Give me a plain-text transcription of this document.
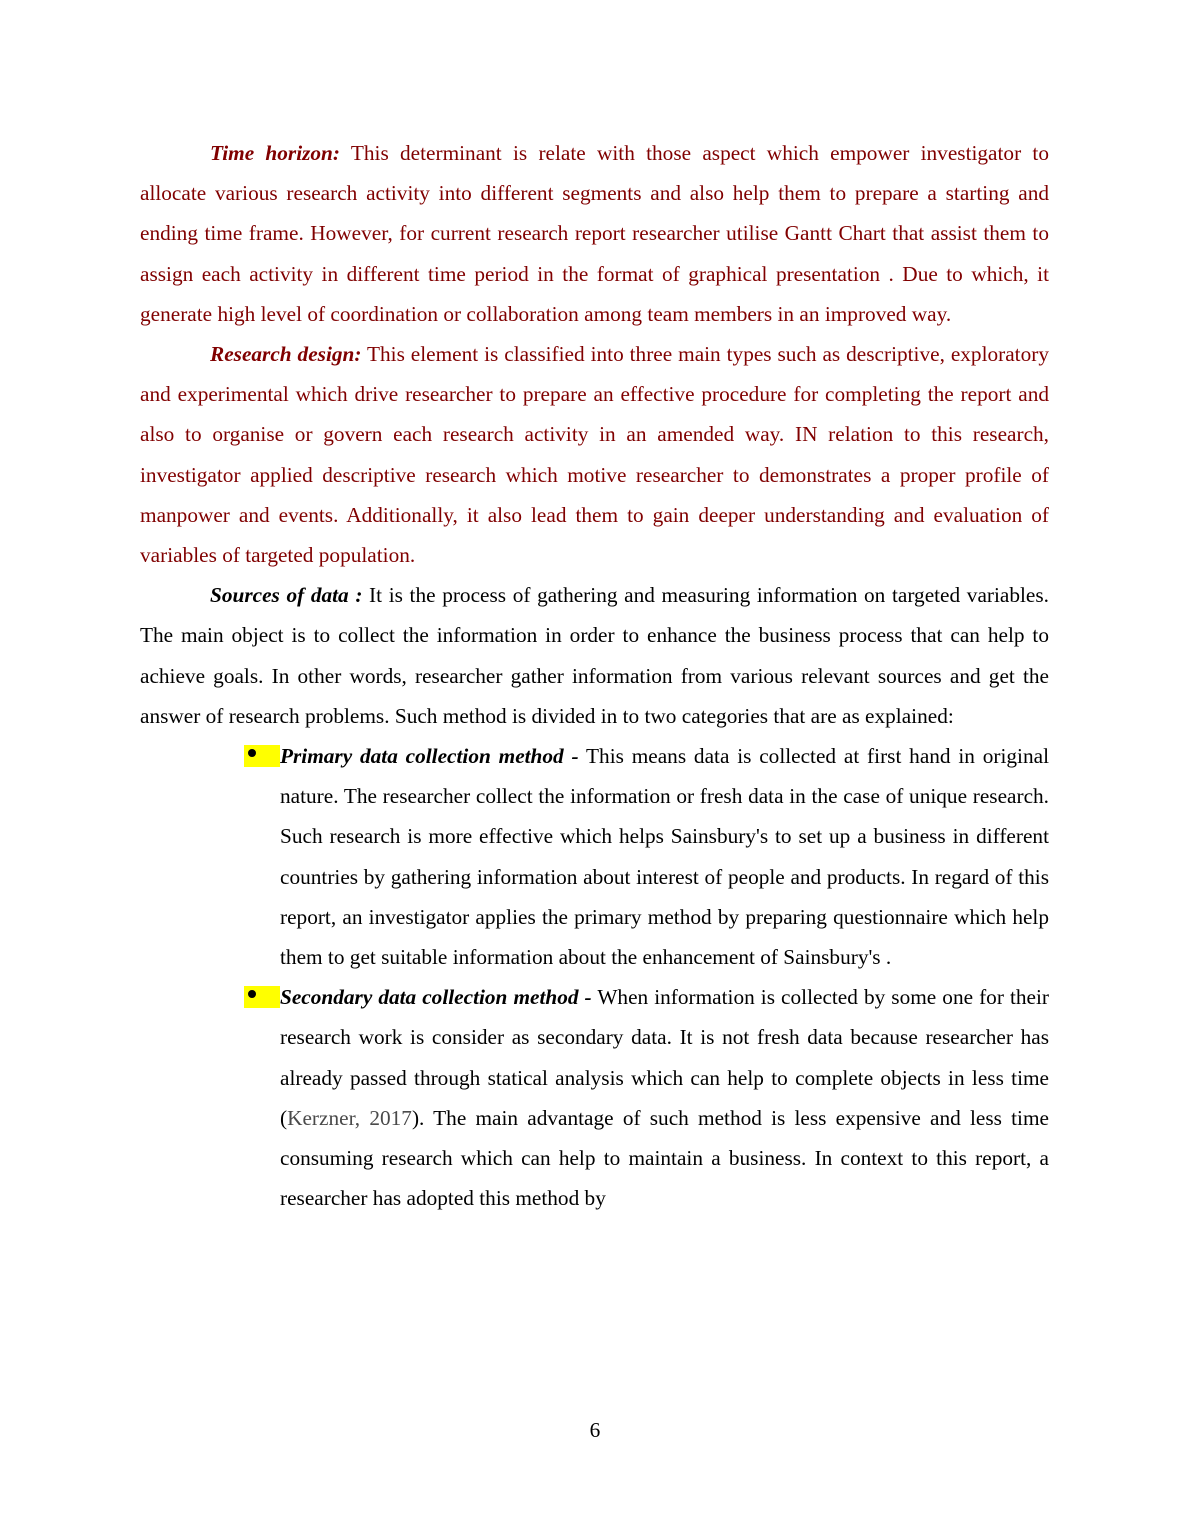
Time horizon: This determinant is relate with those aspect which empower investigator to allocate various research activity into different segments and also help them to prepare a starting and ending time frame. However, for current research report researcher utilise Gantt Chart that assist them to assign each activity in different time period in the format of graphical presentation . Due to which, it generate high level of coordination or collaboration among team members in an improved way.

Research design: This element is classified into three main types such as descriptive, exploratory and experimental which drive researcher to prepare an effective procedure for completing the report and also to organise or govern each research activity in an amended way. IN relation to this research, investigator applied descriptive research which motive researcher to demonstrates a proper profile of manpower and events. Additionally, it also lead them to gain deeper understanding and evaluation of variables of targeted population.

Sources of data : It is the process of gathering and measuring information on targeted variables. The main object is to collect the information in order to enhance the business process that can help to achieve goals. In other words, researcher gather information from various relevant sources and get the answer of research problems. Such method is divided in to two categories that are as explained:

Primary data collection method - This means data is collected at first hand in original nature. The researcher collect the information or fresh data in the case of unique research. Such research is more effective which helps Sainsbury's to set up a business in different countries by gathering information about interest of people and products. In regard of this report, an investigator applies the primary method by preparing questionnaire which help them to get suitable information about the enhancement of Sainsbury's .
Secondary data collection method - When information is collected by some one for their research work is consider as secondary data. It is not fresh data because researcher has already passed through statical analysis which can help to complete objects in less time (Kerzner, 2017). The main advantage of such method is less expensive and less time consuming research which can help to maintain a business. In context to this report, a researcher has adopted this method by
6
